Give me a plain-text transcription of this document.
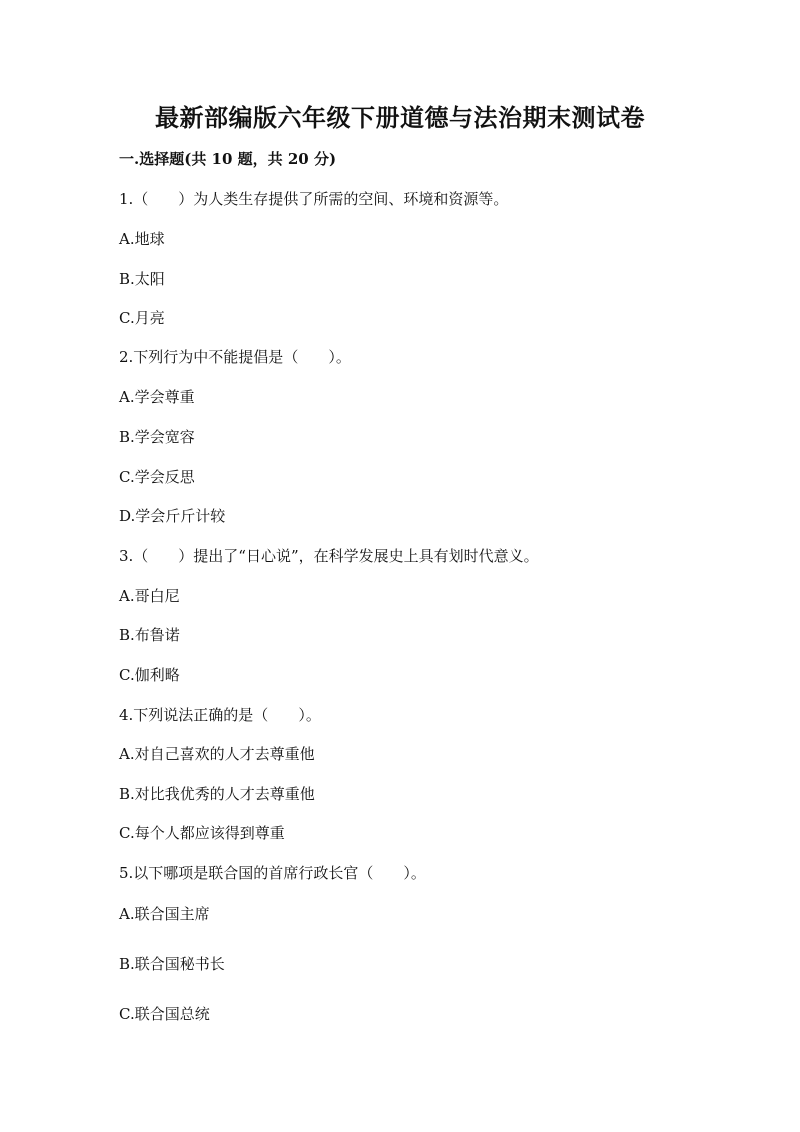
最新部编版六年级下册道德与法治期末测试卷

一.选择题(共 10 题，共 20 分)

1.（　　）为人类生存提供了所需的空间、环境和资源等。

A.地球

B.太阳

C.月亮

2.下列行为中不能提倡是（　　）。

A.学会尊重

B.学会宽容

C.学会反思

D.学会斤斤计较

3.（　　）提出了“日心说”，在科学发展史上具有划时代意义。

A.哥白尼

B.布鲁诺

C.伽利略

4.下列说法正确的是（　　）。

A.对自己喜欢的人才去尊重他

B.对比我优秀的人才去尊重他

C.每个人都应该得到尊重

5.以下哪项是联合国的首席行政长官（　　）。

A.联合国主席

B.联合国秘书长

C.联合国总统
